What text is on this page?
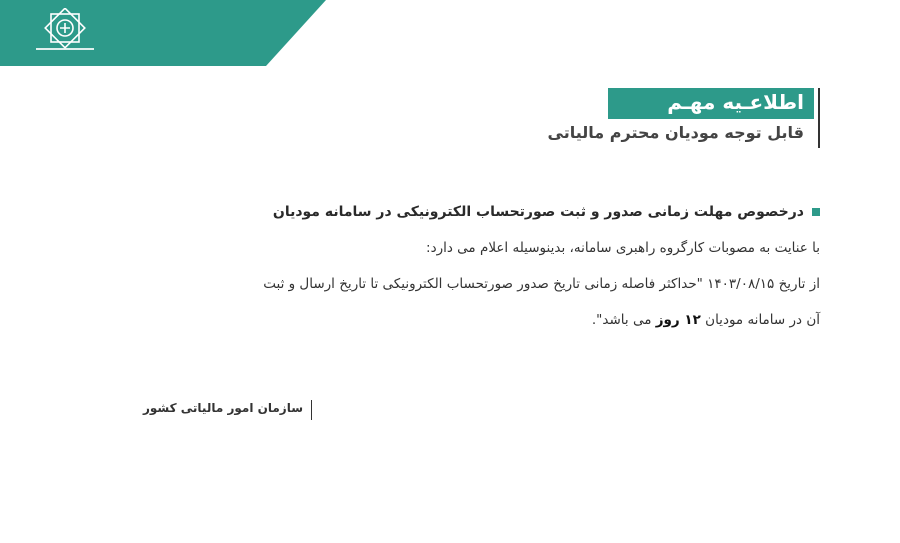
اطلاعـیه مهـم
قابل توجه مودیان محترم مالیاتی
درخصوص مهلت زمانی صدور و ثبت صورتحساب الکترونیکی در سامانه مودیان
با عنایت به مصوبات کارگروه راهبری سامانه، بدینوسیله اعلام می دارد:
از تاریخ ۱۴۰۳/۰۸/۱۵ "حداکثر فاصله زمانی تاریخ صدور صورتحساب الکترونیکی تا تاریخ ارسال و ثبت
آن در سامانه مودیان ۱۲ روز می باشد".
سازمان امور مالیاتی کشور
